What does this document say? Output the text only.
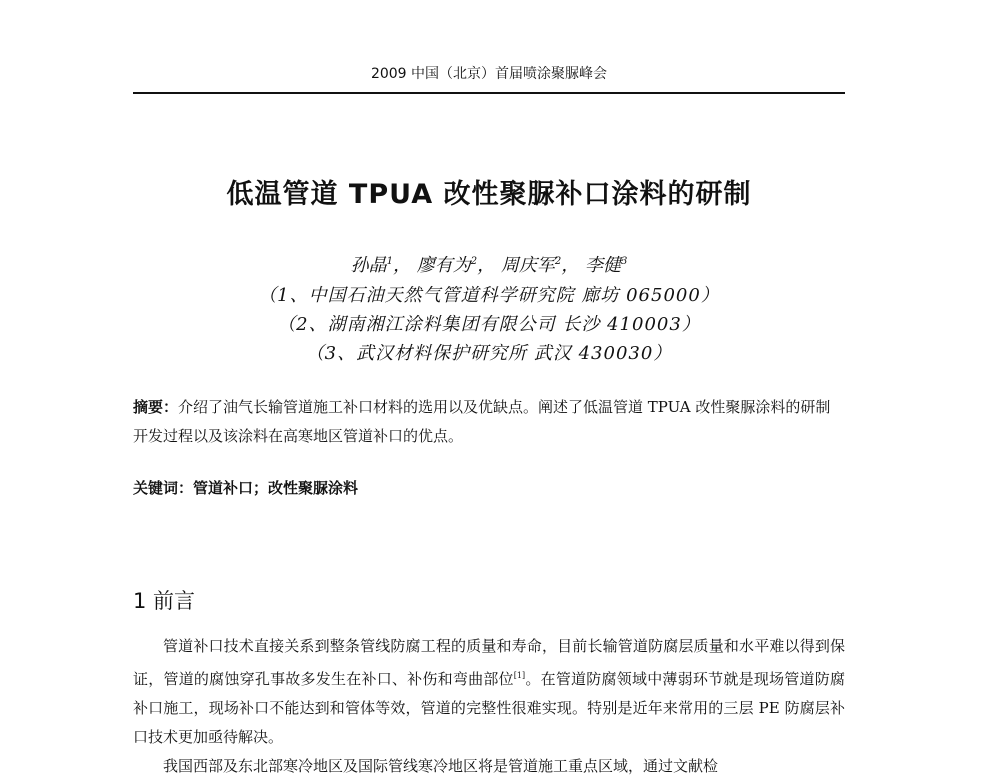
2009 中国（北京）首届喷涂聚脲峰会
低温管道 TPUA 改性聚脲补口涂料的研制
孙晶$^1$， 廖有为$^2$， 周庆军$^2$， 李健$^3$
（1、中国石油天然气管道科学研究院 廊坊 065000）
（2、湖南湘江涂料集团有限公司 长沙 410003）
（3、武汉材料保护研究所 武汉 430030）
摘要：介绍了油气长输管道施工补口材料的选用以及优缺点。阐述了低温管道 TPUA 改性聚脲涂料的研制开发过程以及该涂料在高寒地区管道补口的优点。
关键词：管道补口；改性聚脲涂料
1 前言

管道补口技术直接关系到整条管线防腐工程的质量和寿命，目前长输管道防腐层质量和水平难以得到保证，管道的腐蚀穿孔事故多发生在补口、补伤和弯曲部位[1]。在管道防腐领域中薄弱环节就是现场管道防腐补口施工，现场补口不能达到和管体等效，管道的完整性很难实现。特别是近年来常用的三层 PE 防腐层补口技术更加亟待解决。

我国西部及东北部寒冷地区及国际管线寒冷地区将是管道施工重点区域，通过文献检
